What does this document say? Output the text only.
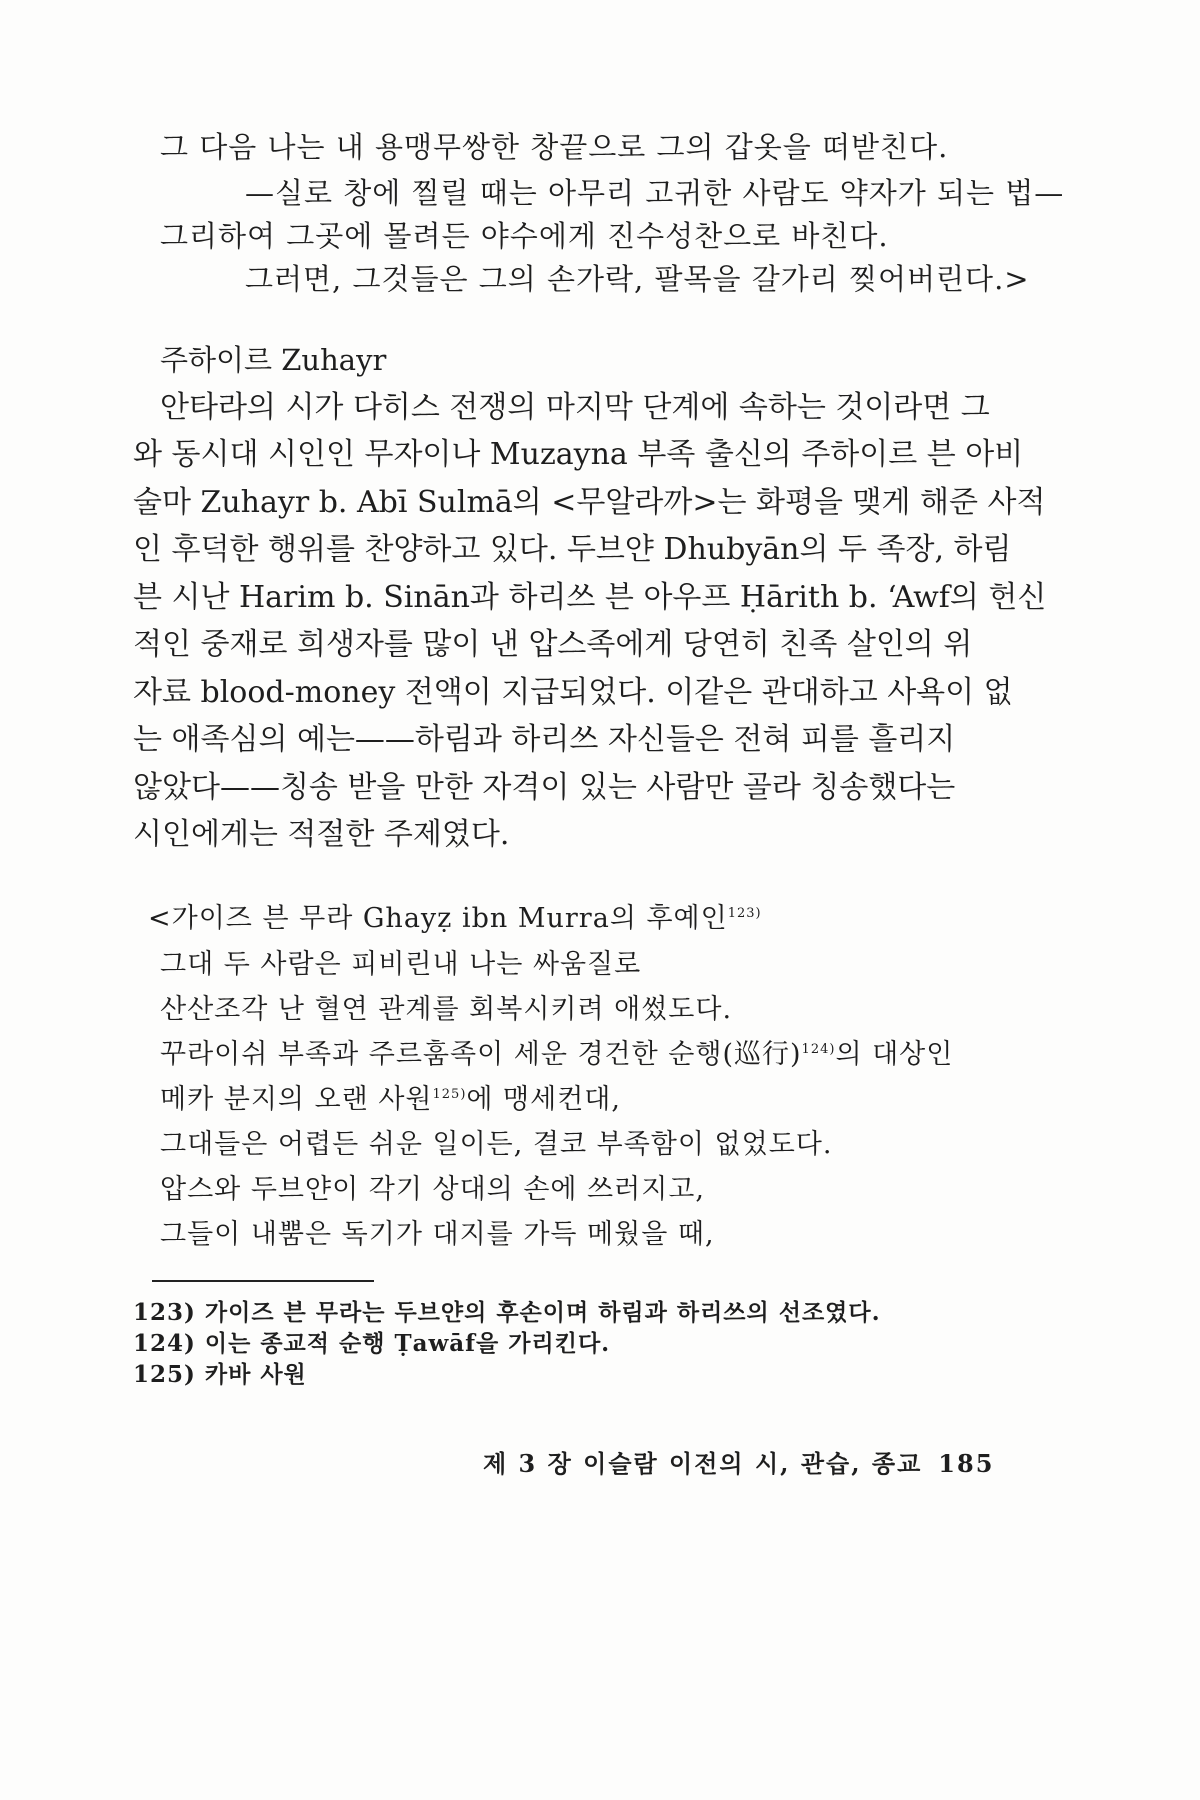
그 다음 나는 내 용맹무쌍한 창끝으로 그의 갑옷을 떠받친다.
—실로 창에 찔릴 때는 아무리 고귀한 사람도 약자가 되는 법—
그리하여 그곳에 몰려든 야수에게 진수성찬으로 바친다.
그러면, 그것들은 그의 손가락, 팔목을 갈가리 찢어버린다.>
주하이르 Zuhayr
안타라의 시가 다히스 전쟁의 마지막 단계에 속하는 것이라면 그
와 동시대 시인인 무자이나 Muzayna 부족 출신의 주하이르 븐 아비
술마 Zuhayr b. Abī Sulmā의 <무알라까>는 화평을 맺게 해준 사적
인 후덕한 행위를 찬양하고 있다. 두브얀 Dhubyān의 두 족장, 하림
븐 시난 Harim b. Sinān과 하리쓰 븐 아우프 Ḥārith b. ‘Awf의 헌신
적인 중재로 희생자를 많이 낸 압스족에게 당연히 친족 살인의 위
자료 blood-money 전액이 지급되었다. 이같은 관대하고 사욕이 없
는 애족심의 예는——하림과 하리쓰 자신들은 전혀 피를 흘리지
않았다——칭송 받을 만한 자격이 있는 사람만 골라 칭송했다는
시인에게는 적절한 주제였다.
<가이즈 븐 무라 Ghayẓ ibn Murra의 후예인$^{123)}$
그대 두 사람은 피비린내 나는 싸움질로
산산조각 난 혈연 관계를 회복시키려 애썼도다.
꾸라이쉬 부족과 주르훔족이 세운 경건한 순행(巡行)$^{124)}$의 대상인
메카 분지의 오랜 사원$^{125)}$에 맹세컨대,
그대들은 어렵든 쉬운 일이든, 결코 부족함이 없었도다.
압스와 두브얀이 각기 상대의 손에 쓰러지고,
그들이 내뿜은 독기가 대지를 가득 메웠을 때,
123) 가이즈 븐 무라는 두브얀의 후손이며 하림과 하리쓰의 선조였다.
124) 이는 종교적 순행 Ṭawāf을 가리킨다.
125) 카바 사원
제 3 장 이슬람 이전의 시, 관습, 종교 185
